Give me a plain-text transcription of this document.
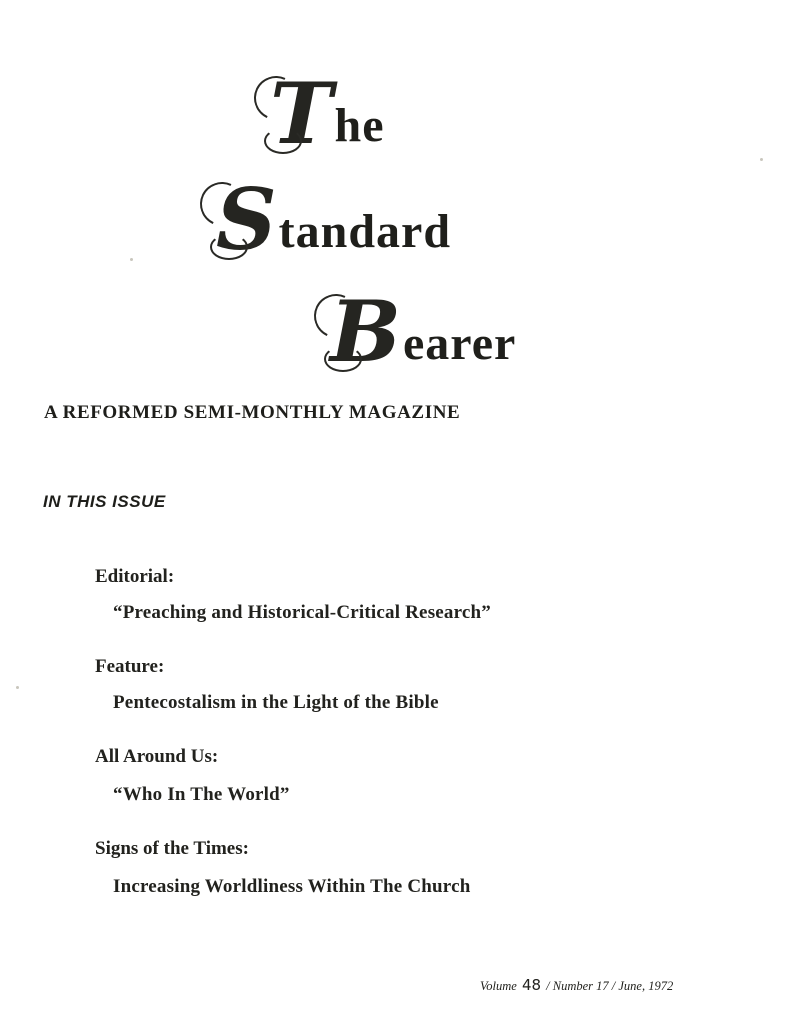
T he
S tandard
B earer
A REFORMED SEMI-MONTHLY MAGAZINE
IN THIS ISSUE
Editorial:
“Preaching and Historical-Critical Research”
Feature:
Pentecostalism in the Light of the Bible
All Around Us:
“Who In The World”
Signs of the Times:
Increasing Worldliness Within The Church
Volume 48 / Number 17 / June, 1972
